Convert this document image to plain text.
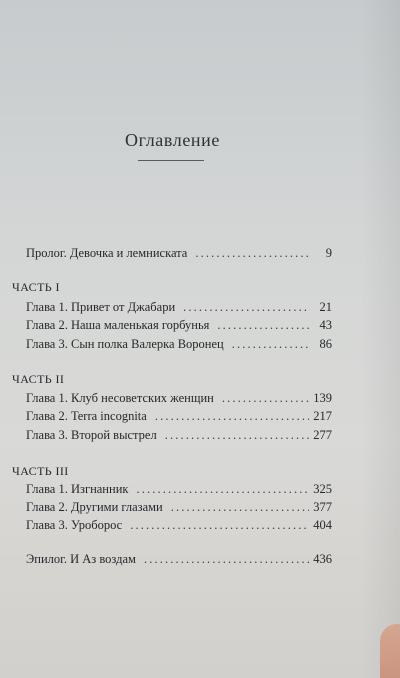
Оглавление
Пролог. Девочка и лемниската . . .	9
ЧАСТЬ I
Глава 1. Привет от Джабари . . .	21
Глава 2. Наша маленькая горбунья . . .	43
Глава 3. Сын полка Валерка Воронец . . .	86
ЧАСТЬ II
Глава 1. Клуб несоветских женщин . . .	139
Глава 2. Terra incognita . . .	217
Глава 3. Второй выстрел . . .	277
ЧАСТЬ III
Глава 1. Изгнанник . . .	325
Глава 2. Другими глазами . . .	377
Глава 3. Уроборос . . .	404
Эпилог. И Аз воздам . . .	436
